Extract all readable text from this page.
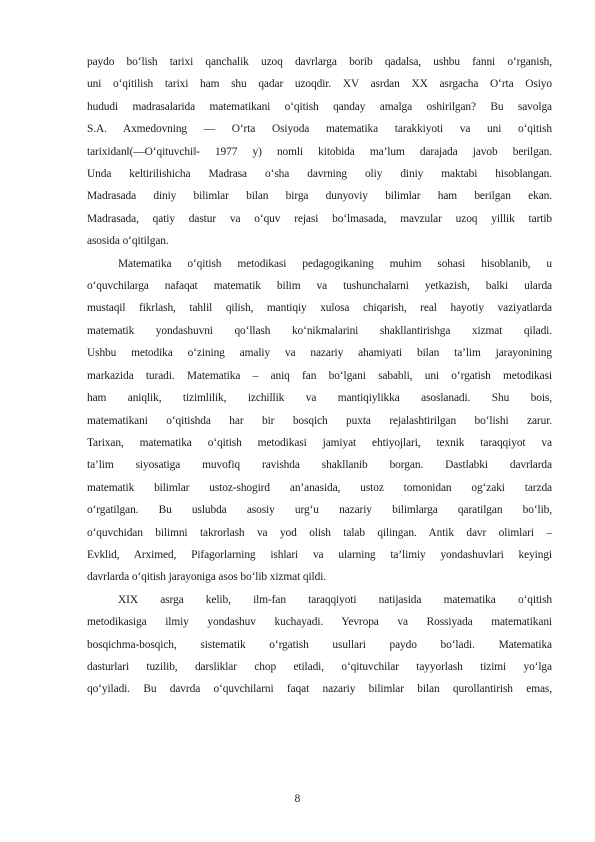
paydo bo‘lish tarixi qanchalik uzoq davrlarga borib qadalsa, ushbu fanni o‘rganish,
uni o‘qitilish tarixi ham shu qadar uzoqdir. XV asrdan XX asrgacha O‘rta Osiyo
hududi madrasalarida matematikani o‘qitish qanday amalga oshirilgan? Bu savolga
S.A. Axmedovning — O‘rta Osiyoda matematika tarakkiyoti va uni o‘qitish
tarixidan‖(—O‘qituvchi‖- 1977 y) nomli kitobida ma’lum darajada javob berilgan.
Unda keltirilishicha Madrasa o‘sha davrning oliy diniy maktabi hisoblangan.
Madrasada diniy bilimlar bilan birga dunyoviy bilimlar ham berilgan ekan.
Madrasada, qatiy dastur va o‘quv rejasi bo‘lmasada, mavzular uzoq yillik tartib
asosida o‘qitilgan.

Matematika o‘qitish metodikasi pedagogikaning muhim sohasi hisoblanib, u
o‘quvchilarga nafaqat matematik bilim va tushunchalarni yetkazish, balki ularda
mustaqil fikrlash, tahlil qilish, mantiqiy xulosa chiqarish, real hayotiy vaziyatlarda
matematik yondashuvni qo‘llash ko‘nikmalarini shakllantirishga xizmat qiladi.
Ushbu metodika o‘zining amaliy va nazariy ahamiyati bilan ta’lim jarayonining
markazida turadi. Matematika – aniq fan bo‘lgani sababli, uni o‘rgatish metodikasi
ham aniqlik, tizimlilik, izchillik va mantiqiylikka asoslanadi. Shu bois,
matematikani o‘qitishda har bir bosqich puxta rejalashtirilgan bo‘lishi zarur.
Tarixan, matematika o‘qitish metodikasi jamiyat ehtiyojlari, texnik taraqqiyot va
ta’lim siyosatiga muvofiq ravishda shakllanib borgan. Dastlabki davrlarda
matematik bilimlar ustoz-shogird an’anasida, ustoz tomonidan og‘zaki tarzda
o‘rgatilgan. Bu uslubda asosiy urg‘u nazariy bilimlarga qaratilgan bo‘lib,
o‘quvchidan bilimni takrorlash va yod olish talab qilingan. Antik davr olimlari –
Evklid, Arximed, Pifagorlarning ishlari va ularning ta’limiy yondashuvlari keyingi
davrlarda o‘qitish jarayoniga asos bo‘lib xizmat qildi.

XIX asrga kelib, ilm-fan taraqqiyoti natijasida matematika o‘qitish
metodikasiga ilmiy yondashuv kuchayadi. Yevropa va Rossiyada matematikani
bosqichma-bosqich, sistematik o‘rgatish usullari paydo bo‘ladi. Matematika
dasturlari tuzilib, darsliklar chop etiladi, o‘qituvchilar tayyorlash tizimi yo‘lga
qo‘yiladi. Bu davrda o‘quvchilarni faqat nazariy bilimlar bilan qurollantirish emas,

8
